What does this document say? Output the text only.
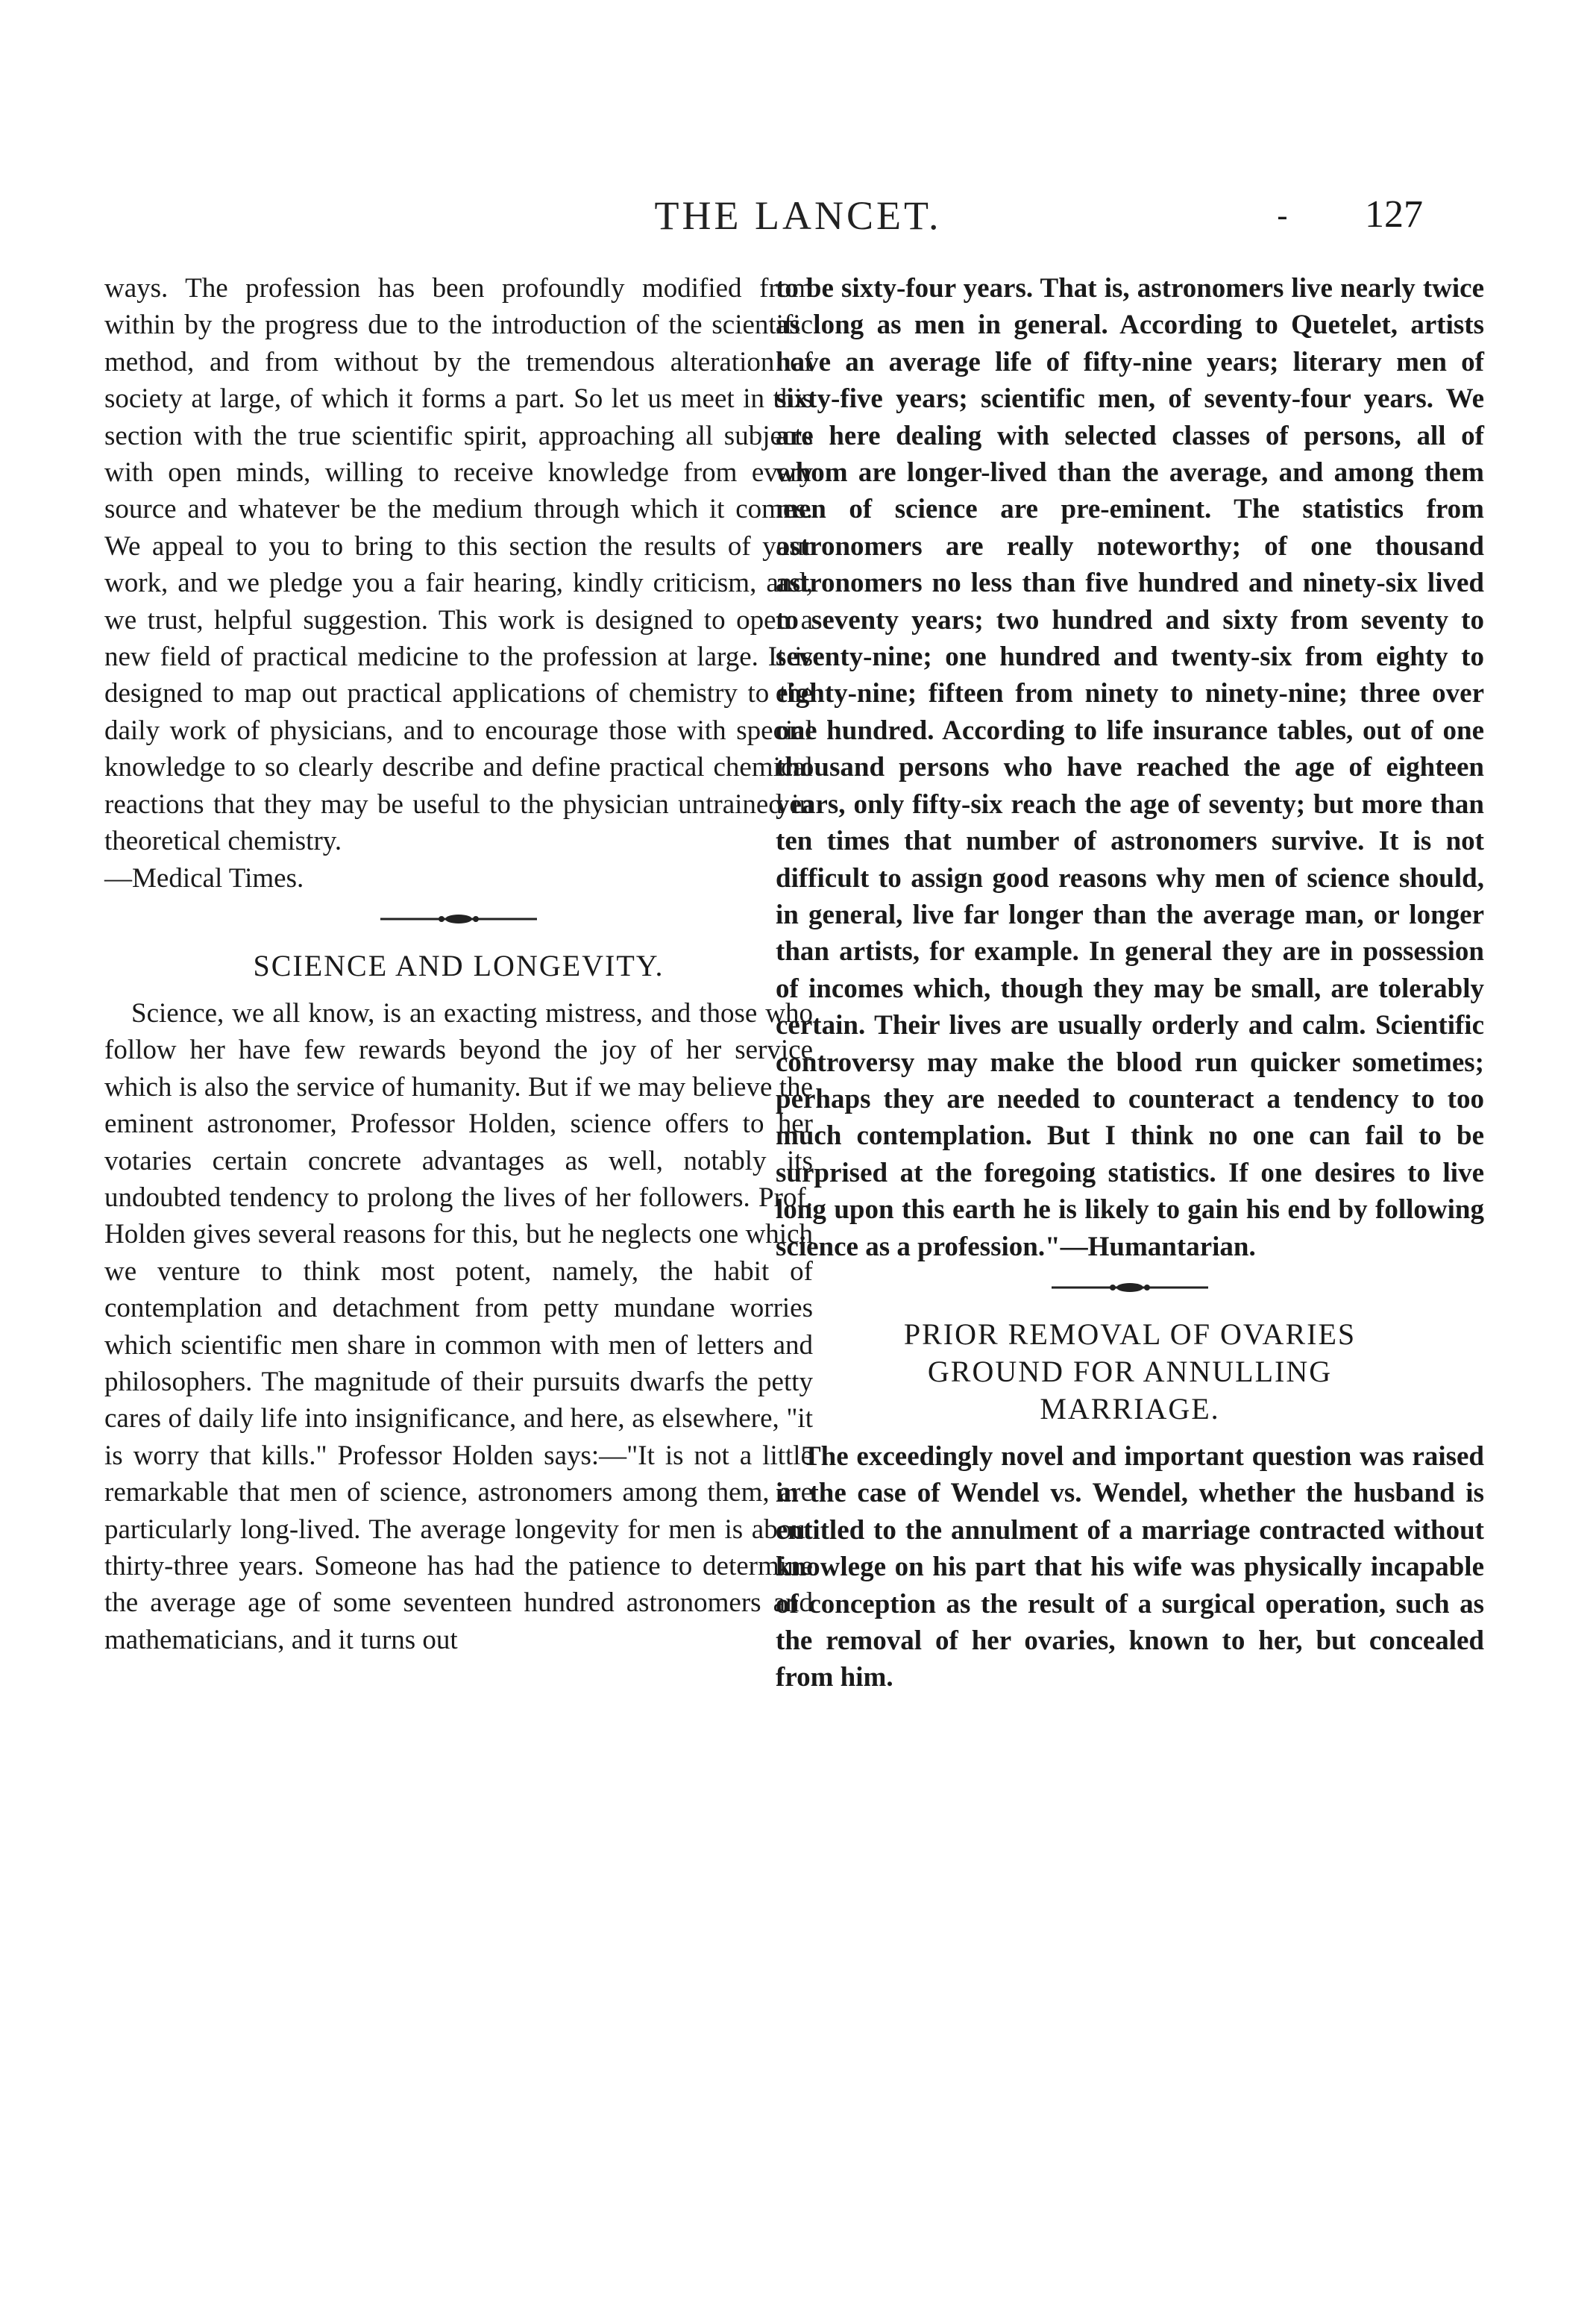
THE LANCET.	- 127

ways. The profession has been profoundly modified from within by the progress due to the introduction of the scientific method, and from without by the tremendous alteration of society at large, of which it forms a part. So let us meet in this section with the true scientific spirit, approaching all subjects with open minds, willing to receive knowledge from every source and whatever be the medium through which it comes. We appeal to you to bring to this section the results of your work, and we pledge you a fair hearing, kindly criticism, and, we trust, helpful suggestion. This work is designed to open a new field of practical medicine to the profession at large. It is designed to map out practical applications of chemistry to the daily work of physicians, and to encourage those with special knowledge to so clearly describe and define practical chemical reactions that they may be useful to the physician untrained in theoretical chemistry.

—Medical Times.

SCIENCE AND LONGEVITY.

Science, we all know, is an exacting mistress, and those who follow her have few rewards beyond the joy of her service which is also the service of humanity. But if we may believe the eminent astronomer, Professor Holden, science offers to her votaries certain concrete advantages as well, notably its undoubted tendency to prolong the lives of her followers. Prof. Holden gives several reasons for this, but he neglects one which we venture to think most potent, namely, the habit of contemplation and detachment from petty mundane worries which scientific men share in common with men of letters and philosophers. The magnitude of their pursuits dwarfs the petty cares of daily life into insignificance, and here, as elsewhere, "it is worry that kills." Professor Holden says:—"It is not a little remarkable that men of science, astronomers among them, are particularly long-lived. The average longevity for men is about thirty-three years. Someone has had the patience to determine the average age of some seventeen hundred astronomers and mathematicians, and it turns out

to be sixty-four years. That is, astronomers live nearly twice as long as men in general. According to Quetelet, artists have an average life of fifty-nine years; literary men of sixty-five years; scientific men, of seventy-four years. We are here dealing with selected classes of persons, all of whom are longer-lived than the average, and among them men of science are pre-eminent. The statistics from astronomers are really noteworthy; of one thousand astronomers no less than five hundred and ninety-six lived to seventy years; two hundred and sixty from seventy to seventy-nine; one hundred and twenty-six from eighty to eighty-nine; fifteen from ninety to ninety-nine; three over one hundred. According to life insurance tables, out of one thousand persons who have reached the age of eighteen years, only fifty-six reach the age of seventy; but more than ten times that number of astronomers survive. It is not difficult to assign good reasons why men of science should, in general, live far longer than the average man, or longer than artists, for example. In general they are in possession of incomes which, though they may be small, are tolerably certain. Their lives are usually orderly and calm. Scientific controversy may make the blood run quicker sometimes; perhaps they are needed to counteract a tendency to too much contemplation. But I think no one can fail to be surprised at the foregoing statistics. If one desires to live long upon this earth he is likely to gain his end by following science as a profession."—Humantarian.

PRIOR REMOVAL OF OVARIES
GROUND FOR ANNULLING
MARRIAGE.

The exceedingly novel and important question was raised in the case of Wendel vs. Wendel, whether the husband is entitled to the annulment of a marriage contracted without knowlege on his part that his wife was physically incapable of conception as the result of a surgical operation, such as the removal of her ovaries, known to her, but concealed from him.
